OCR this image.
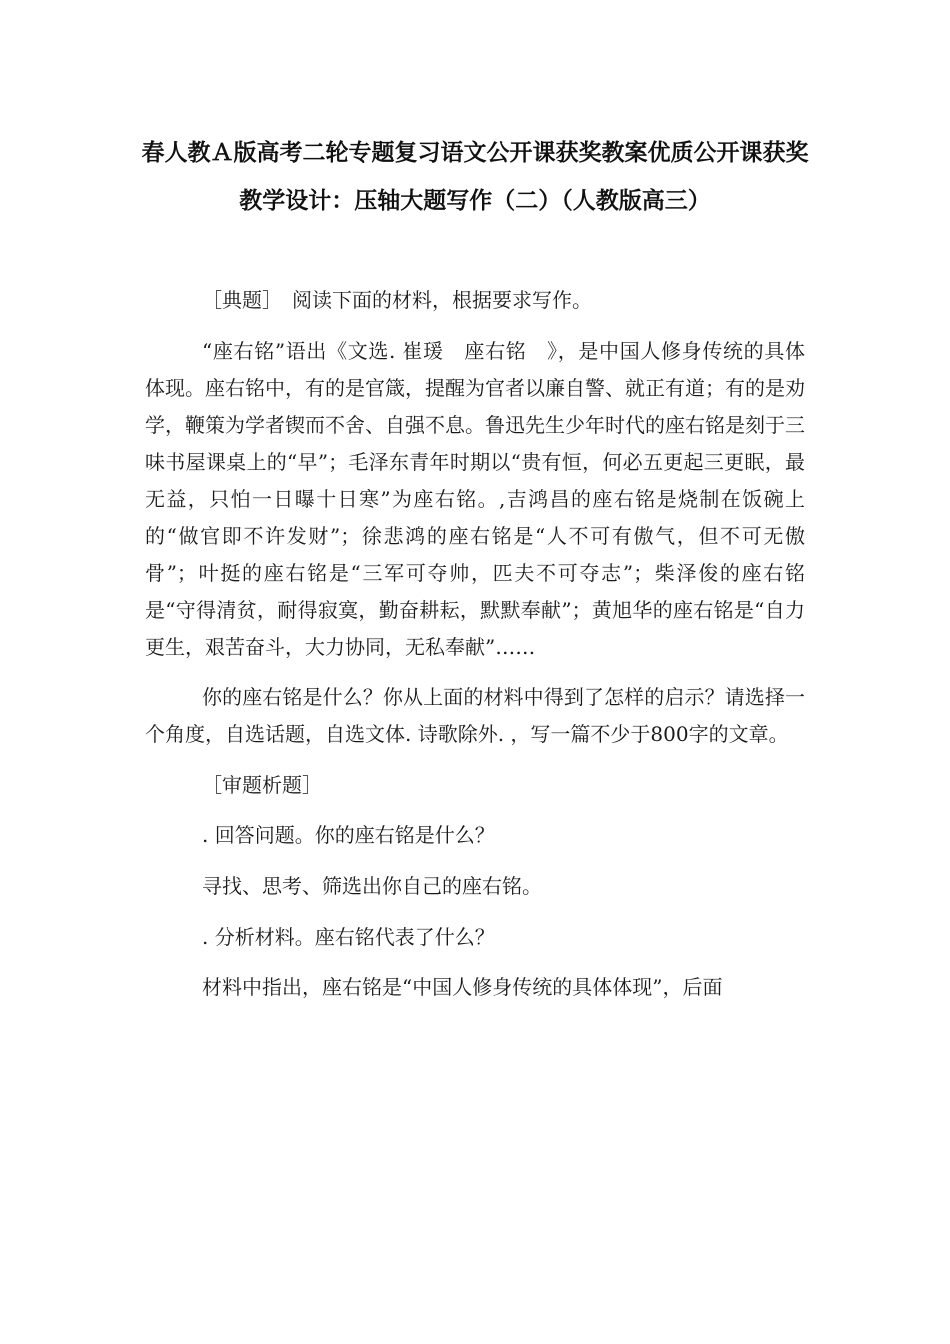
春人教Ａ版高考二轮专题复习语文公开课获奖教案优质公开课获奖
教学设计：压轴大题写作（二）（人教版高三）

［典题］　阅读下面的材料，根据要求写作。

“座右铭”语出《文选. 崔瑗　座右铭　》，是中国人修身传统的具体体现。座右铭中，有的是官箴，提醒为官者以廉自警、就正有道；有的是劝学，鞭策为学者锲而不舍、自强不息。鲁迅先生少年时代的座右铭是刻于三味书屋课桌上的“早”；毛泽东青年时期以“贵有恒，何必五更起三更眠，最无益，只怕一日曝十日寒”为座右铭。,吉鸿昌的座右铭是烧制在饭碗上的“做官即不许发财”；徐悲鸿的座右铭是“人不可有傲气，但不可无傲骨”；叶挺的座右铭是“三军可夺帅，匹夫不可夺志”；柴泽俊的座右铭是“守得清贫，耐得寂寞，勤奋耕耘，默默奉献”；黄旭华的座右铭是“自力更生，艰苦奋斗，大力协同，无私奉献”……

你的座右铭是什么？你从上面的材料中得到了怎样的启示？请选择一个角度，自选话题，自选文体. 诗歌除外. ，写一篇不少于800字的文章。

［审题析题］

. 回答问题。你的座右铭是什么？

寻找、思考、筛选出你自己的座右铭。

. 分析材料。座右铭代表了什么？

材料中指出，座右铭是“中国人修身传统的具体体现”，后面
